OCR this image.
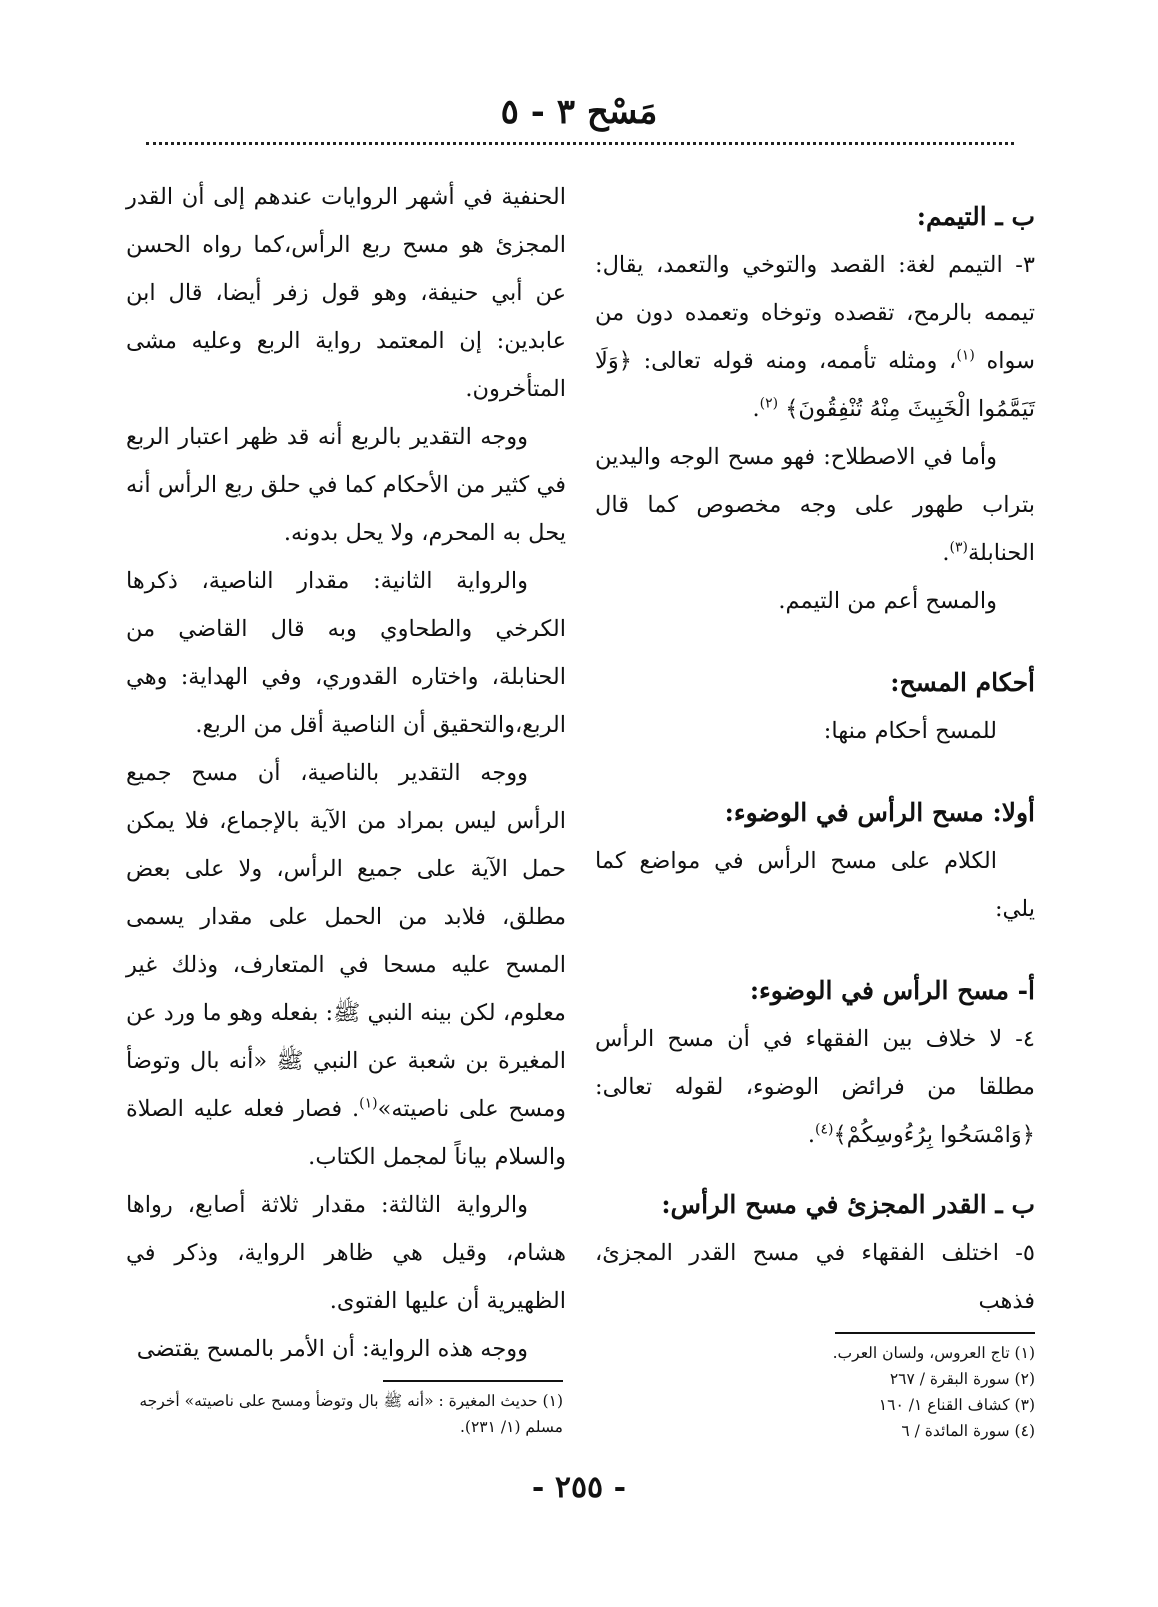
مَسْح ٣ - ٥

ب ـ التيمم:

٣- التيمم لغة: القصد والتوخي والتعمد، يقال: تيممه بالرمح، تقصده وتوخاه وتعمده دون من سواه $^{(١)}$، ومثله تأممه، ومنه قوله تعالى: ﴿وَلَا تَيَمَّمُوا الْخَبِيثَ مِنْهُ تُنْفِقُونَ﴾ $^{(٢)}$.

وأما في الاصطلاح: فهو مسح الوجه واليدين بتراب طهور على وجه مخصوص كما قال الحنابلة$^{(٣)}$.

والمسح أعم من التيمم.

أحكام المسح:

للمسح أحكام منها:

أولا: مسح الرأس في الوضوء:

الكلام على مسح الرأس في مواضع كما يلي:

أ- مسح الرأس في الوضوء:

٤- لا خلاف بين الفقهاء في أن مسح الرأس مطلقا من فرائض الوضوء، لقوله تعالى: ﴿وَامْسَحُوا بِرُءُوسِكُمْ﴾$^{(٤)}$.

ب ـ القدر المجزئ في مسح الرأس:

٥- اختلف الفقهاء في مسح القدر المجزئ، فذهب

الحنفية في أشهر الروايات عندهم إلى أن القدر المجزئ هو مسح ربع الرأس،كما رواه الحسن عن أبي حنيفة، وهو قول زفر أيضا، قال ابن عابدين: إن المعتمد رواية الربع وعليه مشى المتأخرون.

ووجه التقدير بالربع أنه قد ظهر اعتبار الربع في كثير من الأحكام كما في حلق ربع الرأس أنه يحل به المحرم، ولا يحل بدونه.

والرواية الثانية: مقدار الناصية، ذكرها الكرخي والطحاوي وبه قال القاضي من الحنابلة، واختاره القدوري، وفي الهداية: وهي الربع،والتحقيق أن الناصية أقل من الربع.

ووجه التقدير بالناصية، أن مسح جميع الرأس ليس بمراد من الآية بالإجماع، فلا يمكن حمل الآية على جميع الرأس، ولا على بعض مطلق، فلابد من الحمل على مقدار يسمى المسح عليه مسحا في المتعارف، وذلك غير معلوم، لكن بينه النبي ﷺ: بفعله وهو ما ورد عن المغيرة بن شعبة عن النبي ﷺ «أنه بال وتوضأ ومسح على ناصيته»$^{(١)}$. فصار فعله عليه الصلاة والسلام بياناً لمجمل الكتاب.

والرواية الثالثة: مقدار ثلاثة أصابع، رواها هشام، وقيل هي ظاهر الرواية، وذكر في الظهيرية أن عليها الفتوى.

ووجه هذه الرواية: أن الأمر بالمسح يقتضى	(١) تاج العروس، ولسان العرب.
(٢) سورة البقرة / ٢٦٧
(٣) كشاف القناع ١/ ١٦٠
(٤) سورة المائدة / ٦
(١) حديث المغيرة : «أنه ﷺ بال وتوضأ ومسح على ناصيته» أخرجه مسلم (١/ ٢٣١).
- ٢٥٥ -
